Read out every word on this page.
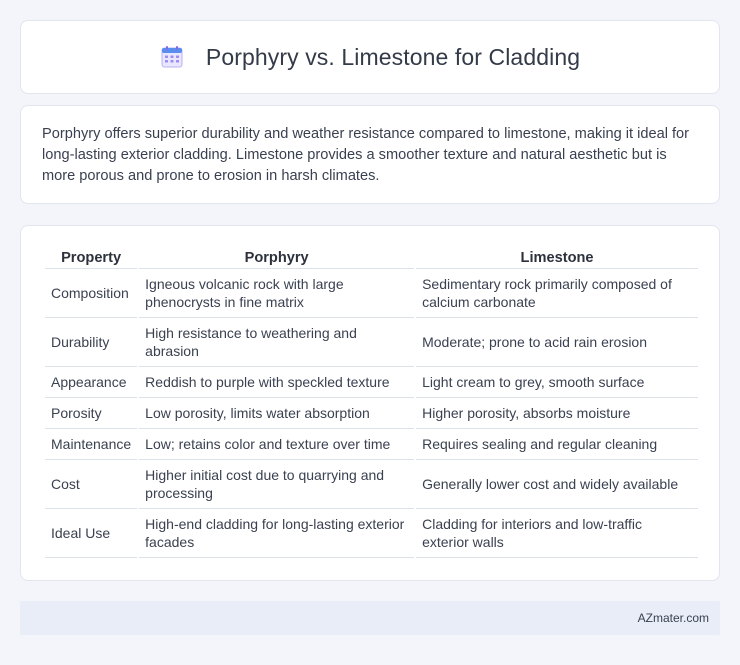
Porphyry vs. Limestone for Cladding

Porphyry offers superior durability and weather resistance compared to limestone, making it ideal for long-lasting exterior cladding. Limestone provides a smoother texture and natural aesthetic but is more porous and prone to erosion in harsh climates.

Property	Porphyry	Limestone
Composition	Igneous volcanic rock with large phenocrysts in fine matrix	Sedimentary rock primarily composed of calcium carbonate
Durability	High resistance to weathering and abrasion	Moderate; prone to acid rain erosion
Appearance	Reddish to purple with speckled texture	Light cream to grey, smooth surface
Porosity	Low porosity, limits water absorption	Higher porosity, absorbs moisture
Maintenance	Low; retains color and texture over time	Requires sealing and regular cleaning
Cost	Higher initial cost due to quarrying and processing	Generally lower cost and widely available
Ideal Use	High-end cladding for long-lasting exterior facades	Cladding for interiors and low-traffic exterior walls
AZmater.com
